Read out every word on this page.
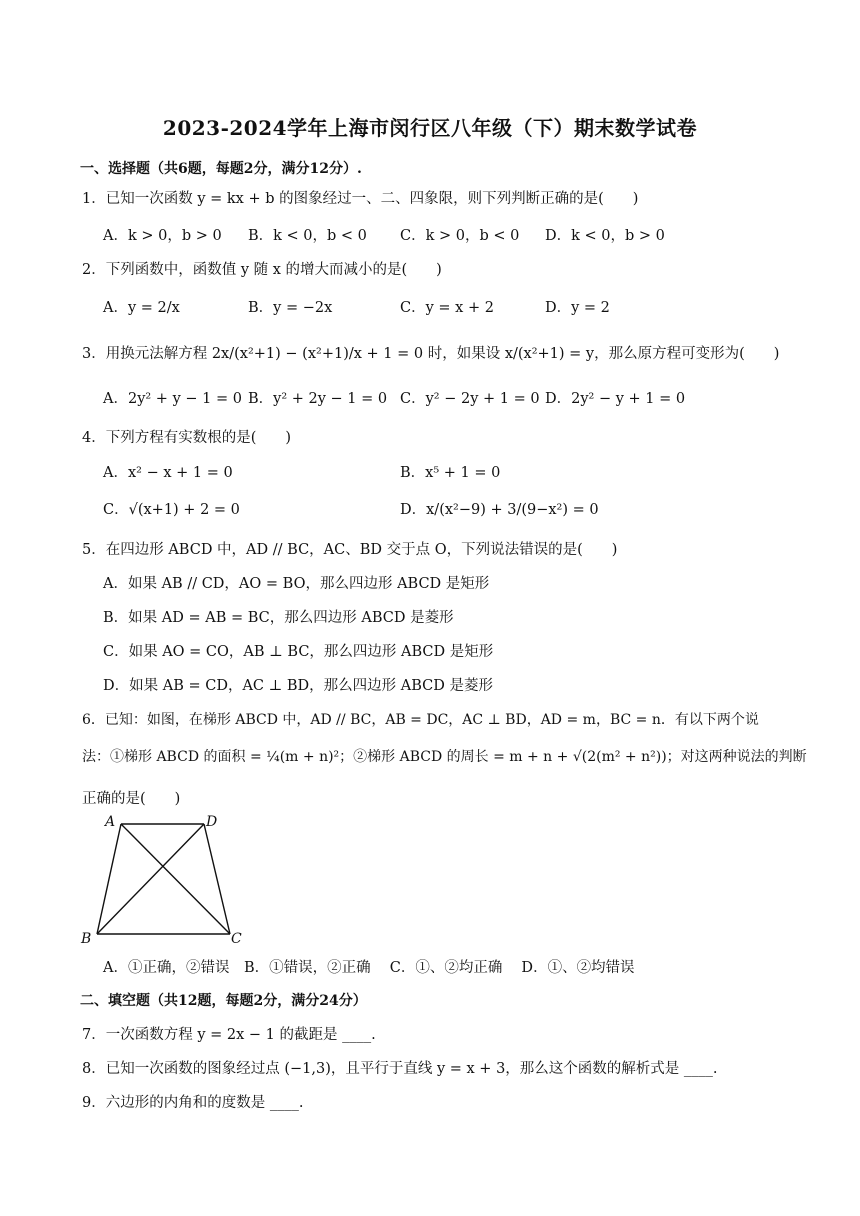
2023-2024学年上海市闵行区八年级（下）期末数学试卷
一、选择题（共6题，每题2分，满分12分）.
1．已知一次函数 y = kx + b 的图象经过一、二、四象限，则下列判断正确的是(　　)
A．k > 0，b > 0 B．k < 0，b < 0 C．k > 0，b < 0 D．k < 0，b > 0
2．下列函数中，函数值 y 随 x 的增大而减小的是(　　)
A．y = 2/x	B．y = −2x	C．y = x + 2	D．y = 2
3．用换元法解方程 2x/(x²+1) − (x²+1)/x + 1 = 0 时，如果设 x/(x²+1) = y，那么原方程可变形为(　　)
A．2y² + y − 1 = 0 B．y² + 2y − 1 = 0 C．y² − 2y + 1 = 0 D．2y² − y + 1 = 0
4．下列方程有实数根的是(　　)
A．x² − x + 1 = 0	B．x⁵ + 1 = 0
C．√(x+1) + 2 = 0	D．x/(x²−9) + 3/(9−x²) = 0
5．在四边形 ABCD 中，AD // BC，AC、BD 交于点 O，下列说法错误的是(　　)
A．如果 AB // CD，AO = BO，那么四边形 ABCD 是矩形
B．如果 AD = AB = BC，那么四边形 ABCD 是菱形
C．如果 AO = CO，AB ⊥ BC，那么四边形 ABCD 是矩形
D．如果 AB = CD，AC ⊥ BD，那么四边形 ABCD 是菱形
6．已知：如图，在梯形 ABCD 中，AD // BC，AB = DC，AC ⊥ BD，AD = m，BC = n．有以下两个说
法：①梯形 ABCD 的面积 = ¼(m + n)²；②梯形 ABCD 的周长 = m + n + √(2(m² + n²))；对这两种说法的判断
正确的是(　　)
A	D
B	C
A．①正确，②错误　B．①错误，②正确　 C．①、②均正确　 D．①、②均错误
二、填空题（共12题，每题2分，满分24分）
7．一次函数方程 y = 2x − 1 的截距是 ____.
8．已知一次函数的图象经过点 (−1,3)，且平行于直线 y = x + 3，那么这个函数的解析式是 ____.
9．六边形的内角和的度数是 ____.
